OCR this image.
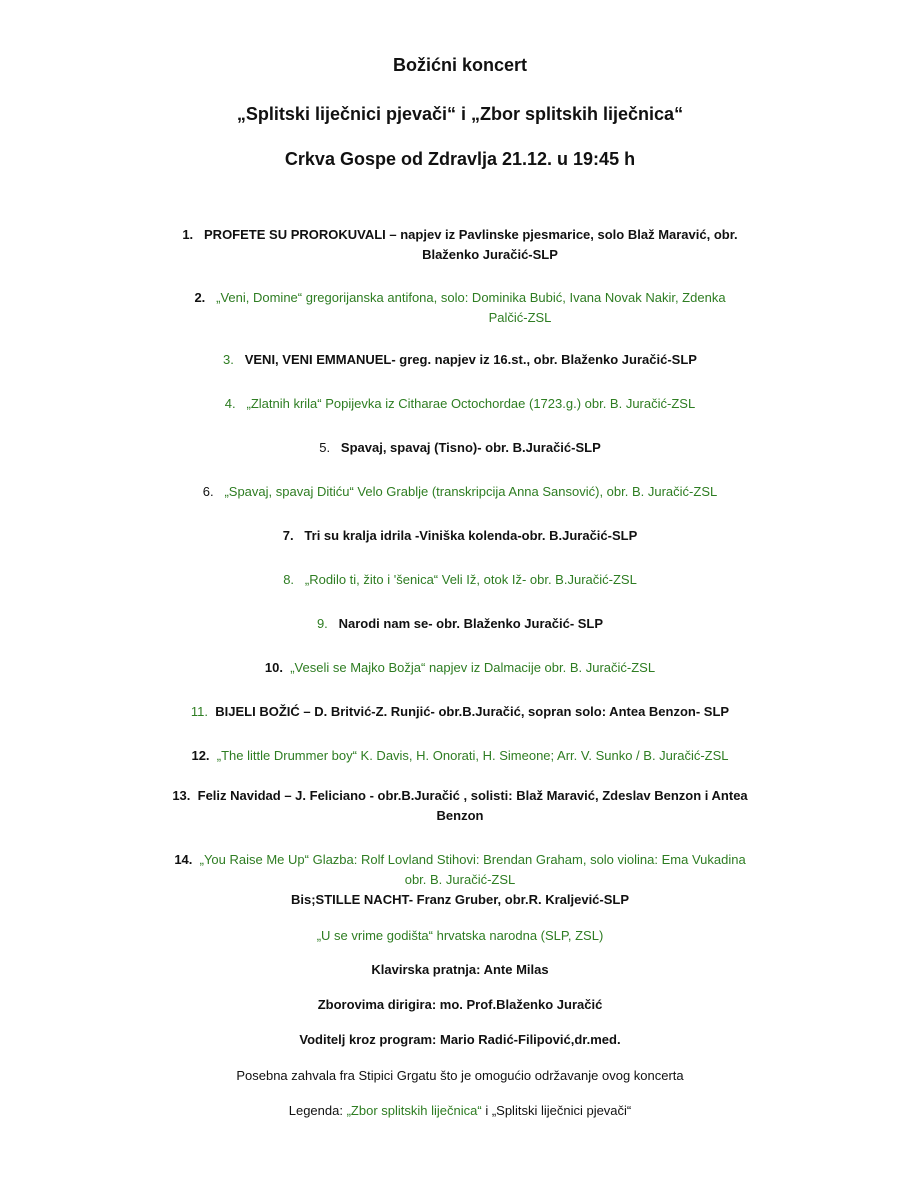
Božićni koncert
„Splitski liječnici pjevači“ i „Zbor splitskih liječnica“
Crkva Gospe od Zdravlja 21.12. u 19:45 h
1. PROFETE SU PROROKUVALI – napjev iz Pavlinske pjesmarice, solo Blaž Maravić, obr.
Blaženko Juračić-SLP
2. „Veni, Domine“ gregorijanska antifona, solo: Dominika Bubić, Ivana Novak Nakir, Zdenka
Palčić-ZSL
3. VENI, VENI EMMANUEL- greg. napjev iz 16.st., obr. Blaženko Juračić-SLP
4. „Zlatnih krila“ Popijevka iz Citharae Octochordae (1723.g.) obr. B. Juračić-ZSL
5. Spavaj, spavaj (Tisno)- obr. B.Juračić-SLP
6. „Spavaj, spavaj Ditiću“ Velo Grablje (transkripcija Anna Sansović), obr. B. Juračić-ZSL
7. Tri su kralja idrila -Viniška kolenda-obr. B.Juračić-SLP
8. „Rodilo ti, žito i 'šenica“ Veli Iž, otok Iž- obr. B.Juračić-ZSL
9. Narodi nam se- obr. Blaženko Juračić- SLP
10. „Veseli se Majko Božja“ napjev iz Dalmacije obr. B. Juračić-ZSL
11. BIJELI BOŽIĆ – D. Britvić-Z. Runjić- obr.B.Juračić, sopran solo: Antea Benzon- SLP
12. „The little Drummer boy“ K. Davis, H. Onorati, H. Simeone; Arr. V. Sunko / B. Juračić-ZSL
13. Feliz Navidad – J. Feliciano - obr.B.Juračić , solisti: Blaž Maravić, Zdeslav Benzon i Antea
Benzon
14. „You Raise Me Up“ Glazba: Rolf Lovland Stihovi: Brendan Graham, solo violina: Ema Vukadina
obr. B. Juračić-ZSL
Bis;STILLE NACHT- Franz Gruber, obr.R. Kraljević-SLP
„U se vrime godišta“ hrvatska narodna (SLP, ZSL)
Klavirska pratnja: Ante Milas
Zborovima dirigira: mo. Prof.Blaženko Juračić
Voditelj kroz program: Mario Radić-Filipović,dr.med.
Posebna zahvala fra Stipici Grgatu što je omogućio održavanje ovog koncerta
Legenda: „Zbor splitskih liječnica“ i „Splitski liječnici pjevači“
